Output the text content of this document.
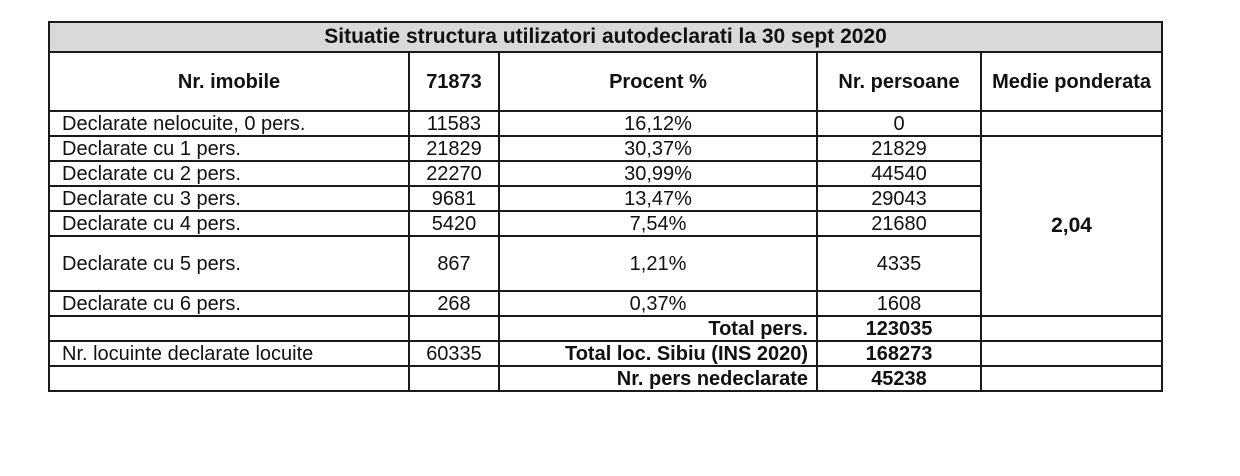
Situatie structura utilizatori autodeclarati la 30 sept 2020				
Nr. imobile	71873	Procent %	Nr. persoane	Medie ponderata
Declarate nelocuite, 0 pers.	11583	16,12%	0	
Declarate cu 1 pers.	21829	30,37%	21829	2,04
Declarate cu 2 pers.	22270	30,99%	44540	
Declarate cu 3 pers.	9681	13,47%	29043	
Declarate cu 4 pers.	5420	7,54%	21680	
Declarate cu 5 pers.	867	1,21%	4335	
Declarate cu 6 pers.	268	0,37%	1608	
		Total pers.	123035	
Nr. locuinte declarate locuite	60335	Total loc. Sibiu (INS 2020)	168273	
		Nr. pers nedeclarate	45238	
